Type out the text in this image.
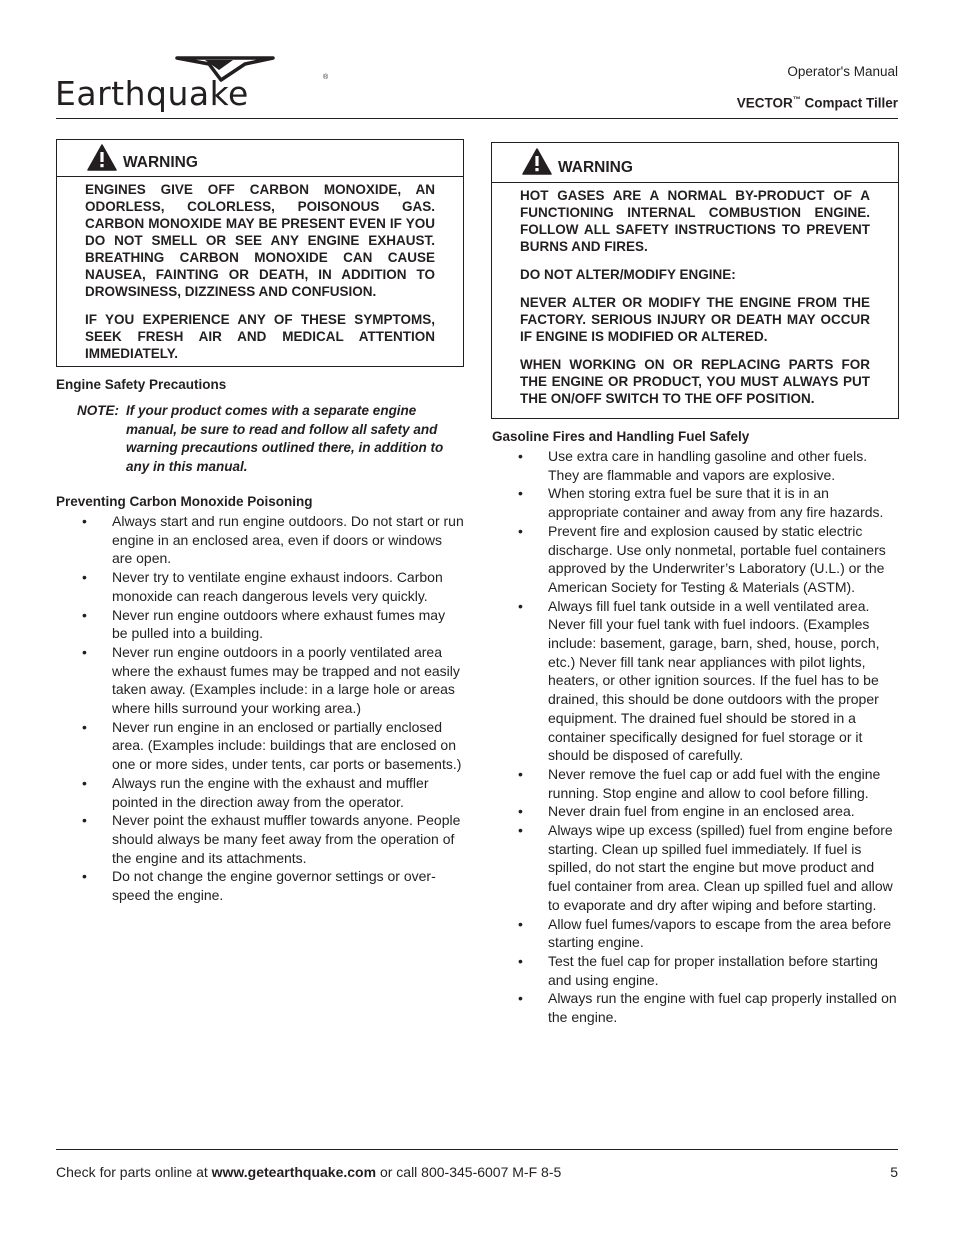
Earthquake	®	Operator's Manual
VECTOR™ Compact Tiller
WARNING

ENGINES GIVE OFF CARBON MONOXIDE, AN ODORLESS, COLORLESS, POISONOUS GAS. CARBON MONOXIDE MAY BE PRESENT EVEN IF YOU DO NOT SMELL OR SEE ANY ENGINE EXHAUST. BREATHING CARBON MONOXIDE CAN CAUSE NAUSEA, FAINTING OR DEATH, IN ADDITION TO DROWSINESS, DIZZINESS AND CONFUSION.

IF YOU EXPERIENCE ANY OF THESE SYMPTOMS, SEEK FRESH AIR AND MEDICAL ATTENTION IMMEDIATELY.

Engine Safety Precautions
NOTE: If your product comes with a separate engine manual, be sure to read and follow all safety and warning precautions outlined there, in addition to any in this manual.
Preventing Carbon Monoxide Poisoning
• Always start and run engine outdoors. Do not start or run engine in an enclosed area, even if doors or windows are open.
• Never try to ventilate engine exhaust indoors. Carbon monoxide can reach dangerous levels very quickly.
• Never run engine outdoors where exhaust fumes may be pulled into a building.
• Never run engine outdoors in a poorly ventilated area where the exhaust fumes may be trapped and not easily taken away. (Examples include: in a large hole or areas where hills surround your working area.)
• Never run engine in an enclosed or partially enclosed area. (Examples include: buildings that are enclosed on one or more sides, under tents, car ports or basements.)
• Always run the engine with the exhaust and muffler pointed in the direction away from the operator.
• Never point the exhaust muffler towards anyone. People should always be many feet away from the operation of the engine and its attachments.
• Do not change the engine governor settings or over-speed the engine.
WARNING

HOT GASES ARE A NORMAL BY-PRODUCT OF A FUNCTIONING INTERNAL COMBUSTION ENGINE. FOLLOW ALL SAFETY INSTRUCTIONS TO PREVENT BURNS AND FIRES.

DO NOT ALTER/MODIFY ENGINE:

NEVER ALTER OR MODIFY THE ENGINE FROM THE FACTORY. SERIOUS INJURY OR DEATH MAY OCCUR IF ENGINE IS MODIFIED OR ALTERED.

WHEN WORKING ON OR REPLACING PARTS FOR THE ENGINE OR PRODUCT, YOU MUST ALWAYS PUT THE ON/OFF SWITCH TO THE OFF POSITION.

Gasoline Fires and Handling Fuel Safely
• Use extra care in handling gasoline and other fuels. They are flammable and vapors are explosive.
• When storing extra fuel be sure that it is in an appropriate container and away from any fire hazards.
• Prevent fire and explosion caused by static electric discharge. Use only nonmetal, portable fuel containers approved by the Underwriter’s Laboratory (U.L.) or the American Society for Testing & Materials (ASTM).
• Always fill fuel tank outside in a well ventilated area. Never fill your fuel tank with fuel indoors. (Examples include: basement, garage, barn, shed, house, porch, etc.) Never fill tank near appliances with pilot lights, heaters, or other ignition sources. If the fuel has to be drained, this should be done outdoors with the proper equipment. The drained fuel should be stored in a container specifically designed for fuel storage or it should be disposed of carefully.
• Never remove the fuel cap or add fuel with the engine running. Stop engine and allow to cool before filling.
• Never drain fuel from engine in an enclosed area.
• Always wipe up excess (spilled) fuel from engine before starting. Clean up spilled fuel immediately. If fuel is spilled, do not start the engine but move product and fuel container from area. Clean up spilled fuel and allow to evaporate and dry after wiping and before starting.
• Allow fuel fumes/vapors to escape from the area before starting engine.
• Test the fuel cap for proper installation before starting and using engine.
• Always run the engine with fuel cap properly installed on the engine.
Check for parts online at www.getearthquake.com or call 800-345-6007 M-F 8-5	5
